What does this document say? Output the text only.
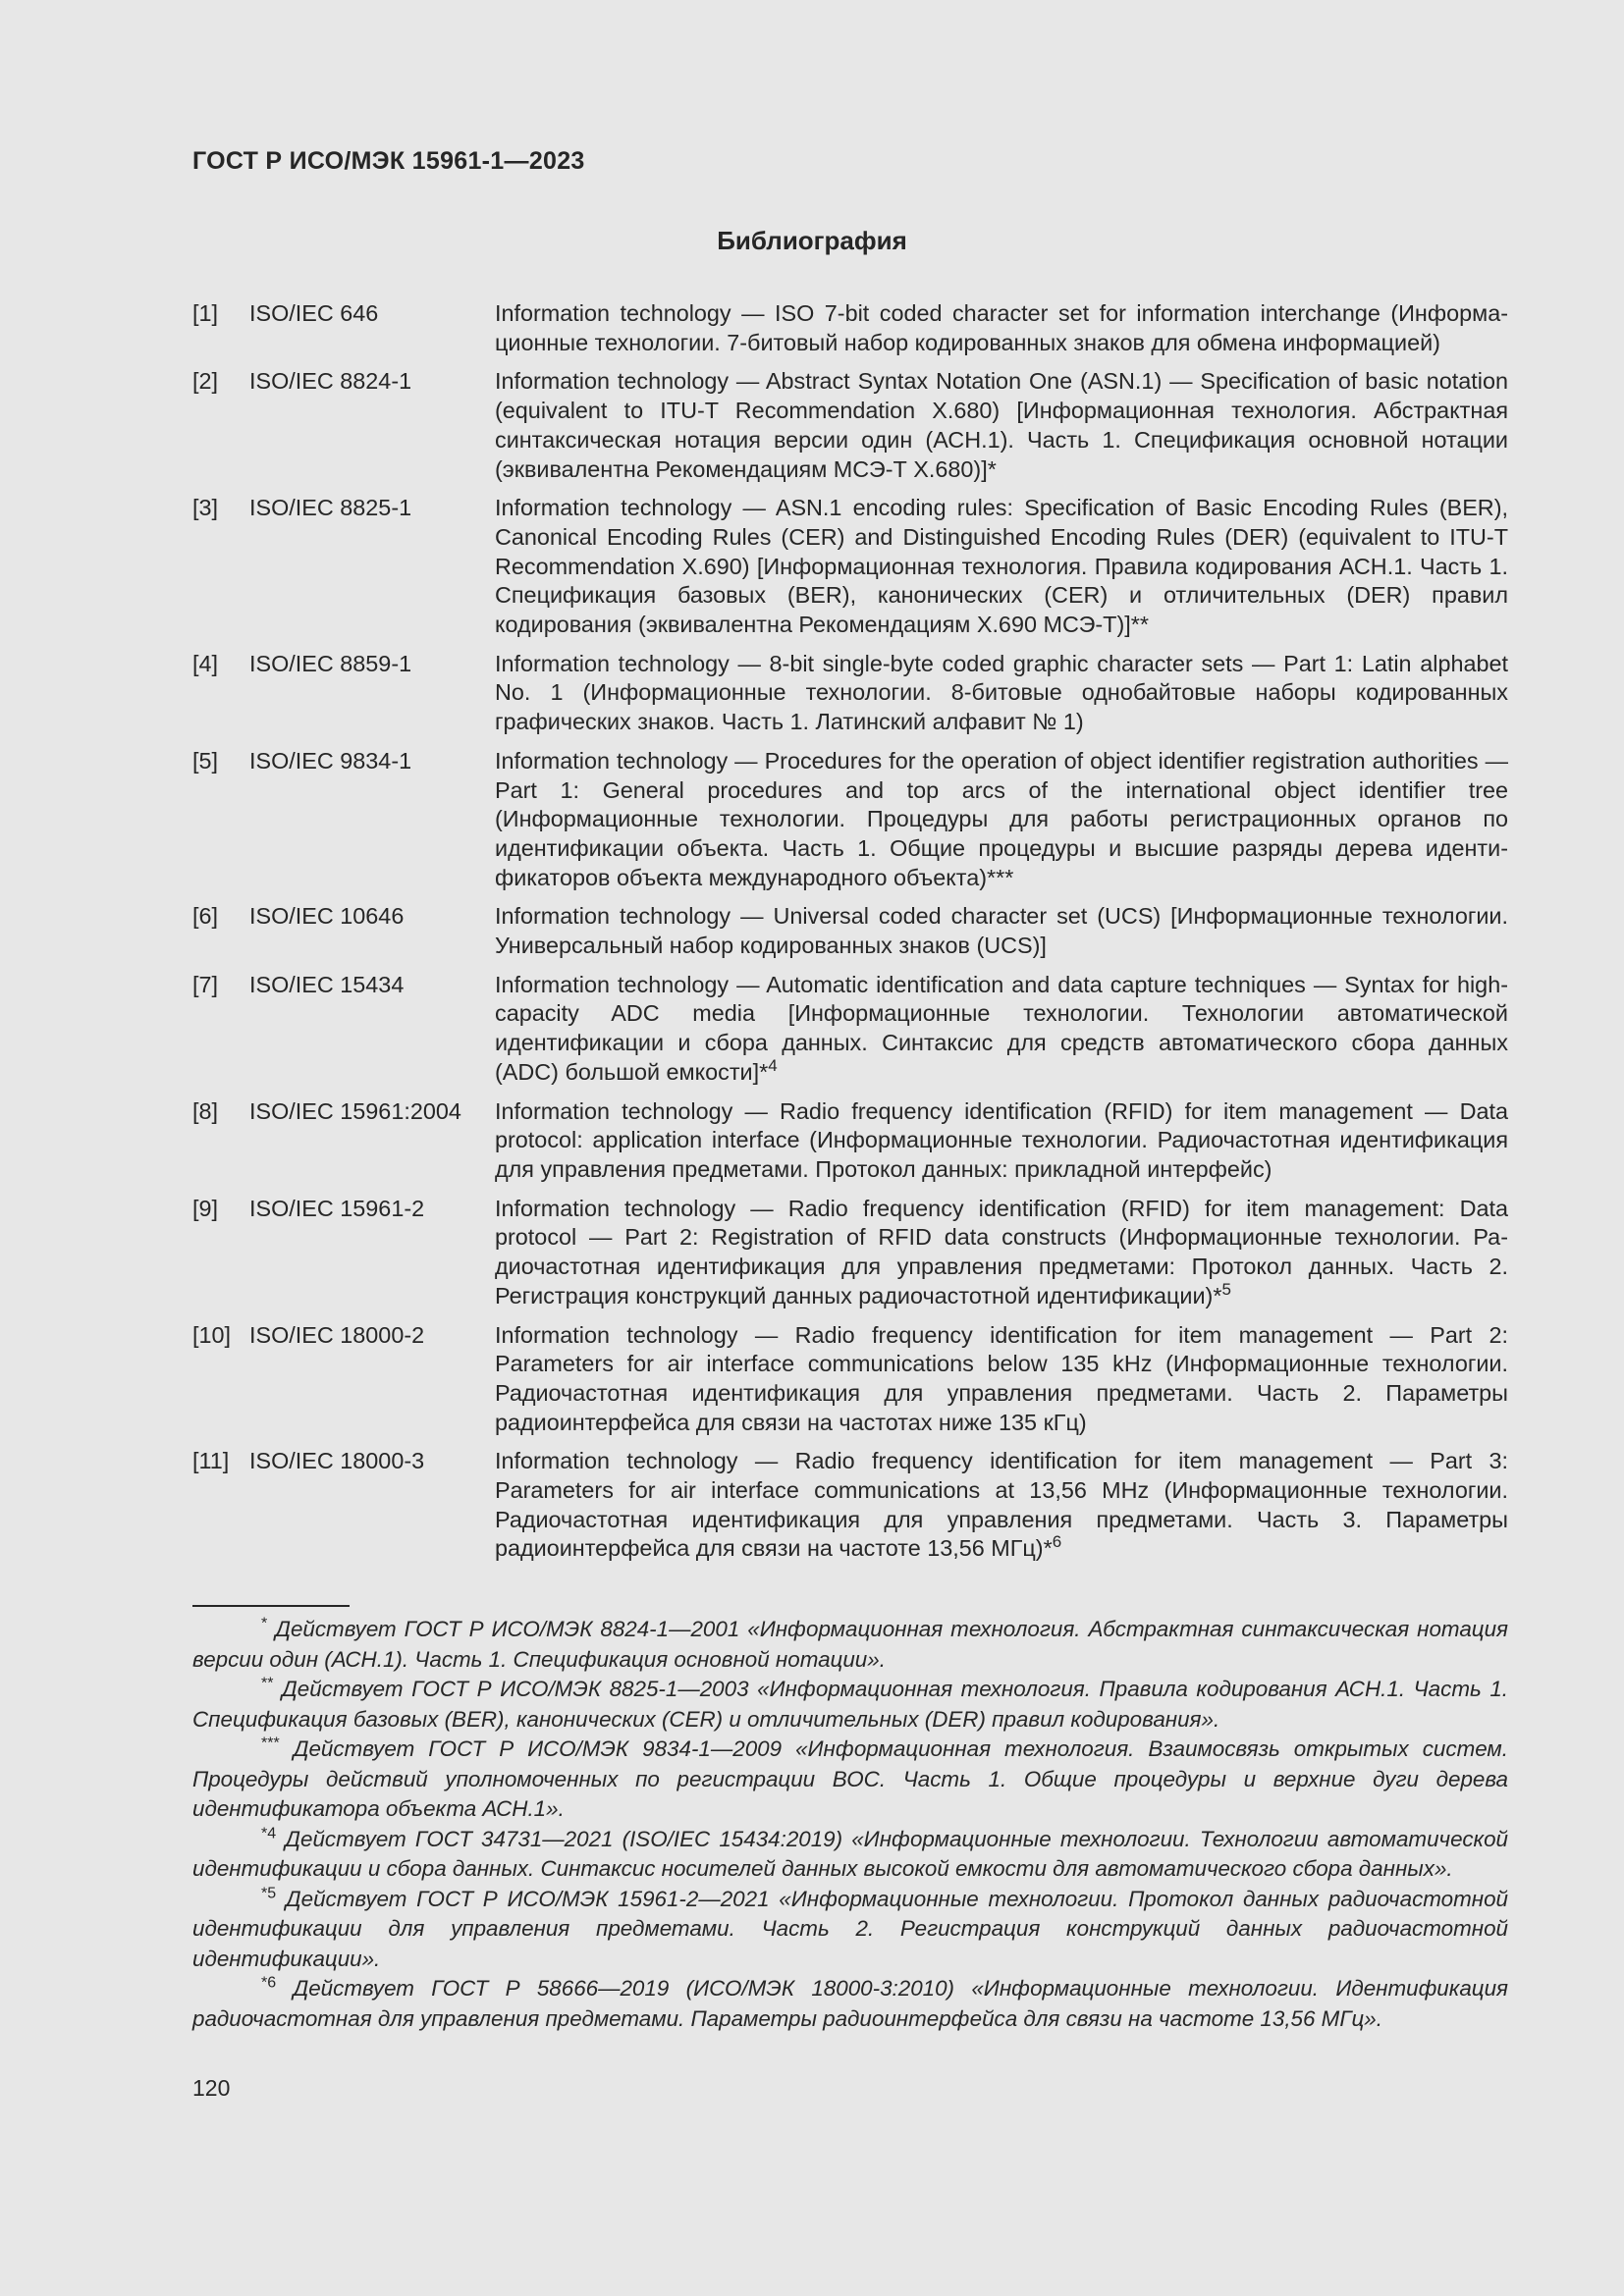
ГОСТ Р ИСО/МЭК 15961-1—2023
Библиография
[1]	ISO/IEC 646	Information technology — ISO 7-bit coded character set for information interchange (Информационные технологии. 7-битовый набор кодированных знаков для обмена информацией)
[2]	ISO/IEC 8824-1	Information technology — Abstract Syntax Notation One (ASN.1) — Specification of basic notation (equivalent to ITU-T Recommendation X.680) [Информационная технология. Абстрактная синтаксическая нотация версии один (АСН.1). Часть 1. Спецификация основной нотации (эквивалентна Рекомендациям МСЭ-Т Х.680)]*
[3]	ISO/IEC 8825-1	Information technology — ASN.1 encoding rules: Specification of Basic Encoding Rules (BER), Canonical Encoding Rules (CER) and Distinguished Encoding Rules (DER) (equivalent to ITU-T Recommendation X.690) [Информационная технология. Правила кодирования АСН.1. Часть 1. Спецификация базовых (BER), канонических (CER) и отличительных (DER) правил кодирования (эквивалентна Рекомендациям Х.690 МСЭ-Т)]**
[4]	ISO/IEC 8859-1	Information technology — 8-bit single-byte coded graphic character sets — Part 1: Latin alphabet No. 1 (Информационные технологии. 8-битовые однобайтовые наборы кодированных графических знаков. Часть 1. Латинский алфавит № 1)
[5]	ISO/IEC 9834-1	Information technology — Procedures for the operation of object identifier registration authorities — Part 1: General procedures and top arcs of the international object identifier tree (Информационные технологии. Процедуры для работы регистрационных органов по идентификации объекта. Часть 1. Общие процедуры и высшие разряды дерева идентификаторов объекта международного объекта)***
[6]	ISO/IEC 10646	Information technology — Universal coded character set (UCS) [Информационные технологии. Универсальный набор кодированных знаков (UCS)]
[7]	ISO/IEC 15434	Information technology — Automatic identification and data capture techniques — Syntax for high-capacity ADC media [Информационные технологии. Технологии автоматической идентификации и сбора данных. Синтаксис для средств автоматического сбора данных (ADC) большой емкости]*$^4$
[8]	ISO/IEC 15961:2004	Information technology — Radio frequency identification (RFID) for item management — Data protocol: application interface (Информационные технологии. Радиочастотная идентификация для управления предметами. Протокол данных: прикладной интерфейс)
[9]	ISO/IEC 15961-2	Information technology — Radio frequency identification (RFID) for item management: Data protocol — Part 2: Registration of RFID data constructs (Информационные технологии. Радиочастотная идентификация для управления предметами: Протокол данных. Часть 2. Регистрация конструкций данных радиочастотной идентификации)*$^5$
[10] ISO/IEC 18000-2	Information technology — Radio frequency identification for item management — Part 2: Parameters for air interface communications below 135 kHz (Информационные технологии. Радиочастотная идентификация для управления предметами. Часть 2. Параметры радиоинтерфейса для связи на частотах ниже 135 кГц)
[11] ISO/IEC 18000-3	Information technology — Radio frequency identification for item management — Part 3: Parameters for air interface communications at 13,56 MHz (Информационные технологии. Радиочастотная идентификация для управления предметами. Часть 3. Параметры радиоинтерфейса для связи на частоте 13,56 МГц)*$^6$

* Действует ГОСТ Р ИСО/МЭК 8824-1—2001 «Информационная технология. Абстрактная синтаксическая нотация версии один (АСН.1). Часть 1. Спецификация основной нотации».

** Действует ГОСТ Р ИСО/МЭК 8825-1—2003 «Информационная технология. Правила кодирования АСН.1. Часть 1. Спецификация базовых (BER), канонических (CER) и отличительных (DER) правил кодирования».

*** Действует ГОСТ Р ИСО/МЭК 9834-1—2009 «Информационная технология. Взаимосвязь открытых систем. Процедуры действий уполномоченных по регистрации ВОС. Часть 1. Общие процедуры и верхние дуги дерева идентификатора объекта АСН.1».

$^{*4}$ Действует ГОСТ 34731—2021 (ISO/IEC 15434:2019) «Информационные технологии. Технологии автоматической идентификации и сбора данных. Синтаксис носителей данных высокой емкости для автоматического сбора данных».

$^{*5}$ Действует ГОСТ Р ИСО/МЭК 15961-2—2021 «Информационные технологии. Протокол данных радиочастотной идентификации для управления предметами. Часть 2. Регистрация конструкций данных радиочастотной идентификации».

$^{*6}$ Действует ГОСТ Р 58666—2019 (ИСО/МЭК 18000-3:2010) «Информационные технологии. Идентификация радиочастотная для управления предметами. Параметры радиоинтерфейса для связи на частоте 13,56 МГц».

120
